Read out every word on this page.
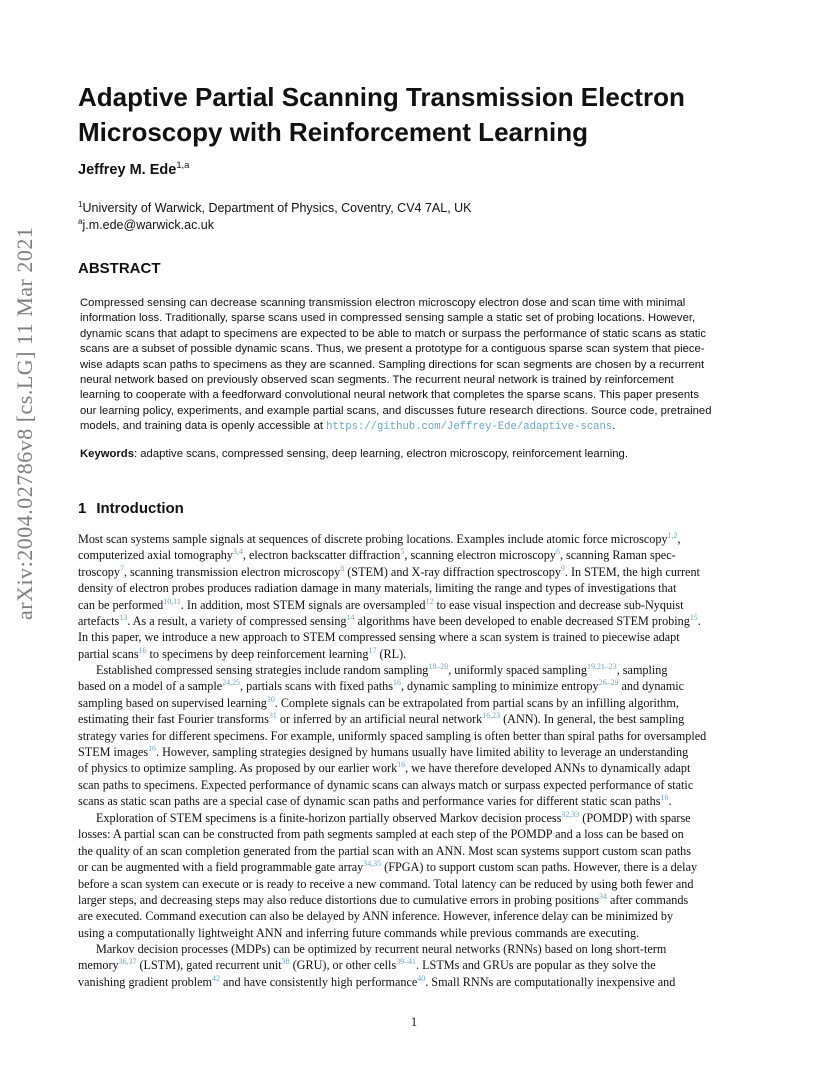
arXiv:2004.02786v8 [cs.LG] 11 Mar 2021
Adaptive Partial Scanning Transmission Electron
Microscopy with Reinforcement Learning
Jeffrey M. Ede$^{1,a}$
$^1$University of Warwick, Department of Physics, Coventry, CV4 7AL, UK
$^a$j.m.ede@warwick.ac.uk
ABSTRACT
Compressed sensing can decrease scanning transmission electron microscopy electron dose and scan time with minimal
information loss. Traditionally, sparse scans used in compressed sensing sample a static set of probing locations. However,
dynamic scans that adapt to specimens are expected to be able to match or surpass the performance of static scans as static
scans are a subset of possible dynamic scans. Thus, we present a prototype for a contiguous sparse scan system that piece-
wise adapts scan paths to specimens as they are scanned. Sampling directions for scan segments are chosen by a recurrent
neural network based on previously observed scan segments. The recurrent neural network is trained by reinforcement
learning to cooperate with a feedforward convolutional neural network that completes the sparse scans. This paper presents
our learning policy, experiments, and example partial scans, and discusses future research directions. Source code, pretrained
models, and training data is openly accessible at https://github.com/Jeffrey-Ede/adaptive-scans.
Keywords: adaptive scans, compressed sensing, deep learning, electron microscopy, reinforcement learning.
1 Introduction
Most scan systems sample signals at sequences of discrete probing locations. Examples include atomic force microscopy$^{1,2}$,
computerized axial tomography$^{3,4}$, electron backscatter diffraction$^5$, scanning electron microscopy$^6$, scanning Raman spec-
troscopy$^7$, scanning transmission electron microscopy$^8$ (STEM) and X-ray diffraction spectroscopy$^9$. In STEM, the high current
density of electron probes produces radiation damage in many materials, limiting the range and types of investigations that
can be performed$^{10,11}$. In addition, most STEM signals are oversampled$^{12}$ to ease visual inspection and decrease sub-Nyquist
artefacts$^{13}$. As a result, a variety of compressed sensing$^{14}$ algorithms have been developed to enable decreased STEM probing$^{15}$.
In this paper, we introduce a new approach to STEM compressed sensing where a scan system is trained to piecewise adapt
partial scans$^{16}$ to specimens by deep reinforcement learning$^{17}$ (RL).
Established compressed sensing strategies include random sampling$^{18-20}$, uniformly spaced sampling$^{19,21-23}$, sampling
based on a model of a sample$^{24,25}$, partials scans with fixed paths$^{16}$, dynamic sampling to minimize entropy$^{26-29}$ and dynamic
sampling based on supervised learning$^{30}$. Complete signals can be extrapolated from partial scans by an infilling algorithm,
estimating their fast Fourier transforms$^{31}$ or inferred by an artificial neural network$^{16,23}$ (ANN). In general, the best sampling
strategy varies for different specimens. For example, uniformly spaced sampling is often better than spiral paths for oversampled
STEM images$^{16}$. However, sampling strategies designed by humans usually have limited ability to leverage an understanding
of physics to optimize sampling. As proposed by our earlier work$^{16}$, we have therefore developed ANNs to dynamically adapt
scan paths to specimens. Expected performance of dynamic scans can always match or surpass expected performance of static
scans as static scan paths are a special case of dynamic scan paths and performance varies for different static scan paths$^{16}$.
Exploration of STEM specimens is a finite-horizon partially observed Markov decision process$^{32,33}$ (POMDP) with sparse
losses: A partial scan can be constructed from path segments sampled at each step of the POMDP and a loss can be based on
the quality of an scan completion generated from the partial scan with an ANN. Most scan systems support custom scan paths
or can be augmented with a field programmable gate array$^{34,35}$ (FPGA) to support custom scan paths. However, there is a delay
before a scan system can execute or is ready to receive a new command. Total latency can be reduced by using both fewer and
larger steps, and decreasing steps may also reduce distortions due to cumulative errors in probing positions$^{34}$ after commands
are executed. Command execution can also be delayed by ANN inference. However, inference delay can be minimized by
using a computationally lightweight ANN and inferring future commands while previous commands are executing.
Markov decision processes (MDPs) can be optimized by recurrent neural networks (RNNs) based on long short-term
memory$^{36,37}$ (LSTM), gated recurrent unit$^{38}$ (GRU), or other cells$^{39-41}$. LSTMs and GRUs are popular as they solve the
vanishing gradient problem$^{42}$ and have consistently high performance$^{40}$. Small RNNs are computationally inexpensive and
1
